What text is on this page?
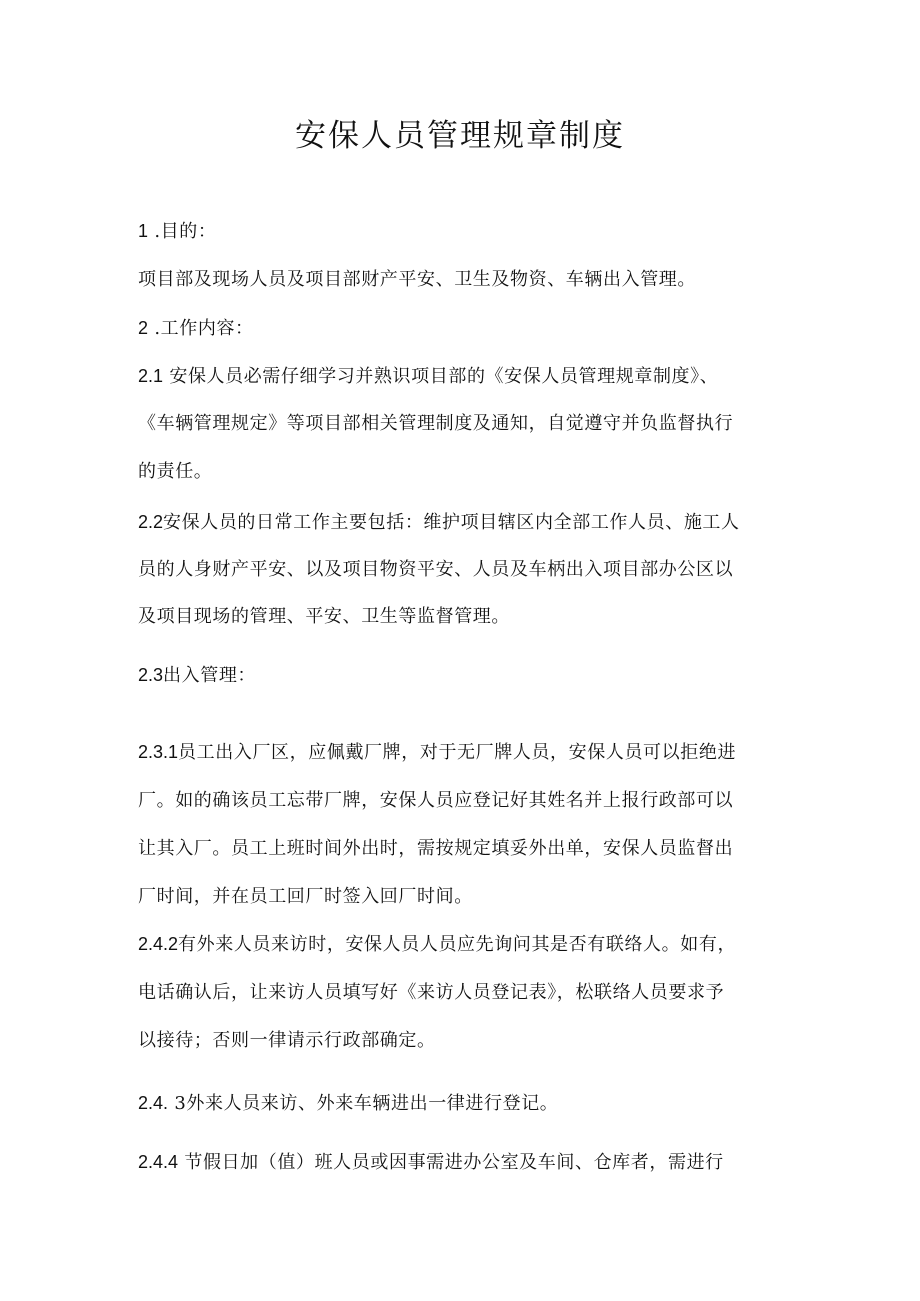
安保人员管理规章制度
1 .目的：
项目部及现场人员及项目部财产平安、卫生及物资、车辆出入管理。
2 .工作内容：
2.1 安保人员必需仔细学习并熟识项目部的《安保人员管理规章制度》、
《车辆管理规定》等项目部相关管理制度及通知，自觉遵守并负监督执行
的责任。
2.2安保人员的日常工作主要包括：维护项目辖区内全部工作人员、施工人
员的人身财产平安、以及项目物资平安、人员及车柄出入项目部办公区以
及项目现场的管理、平安、卫生等监督管理。
2.3出入管理：
2.3.1员工出入厂区，应佩戴厂牌，对于无厂牌人员，安保人员可以拒绝进
厂。如的确该员工忘带厂牌，安保人员应登记好其姓名并上报行政部可以
让其入厂。员工上班时间外出时，需按规定填妥外出单，安保人员监督出
厂时间，并在员工回厂时签入回厂时间。
2.4.2有外来人员来访时，安保人员人员应先询问其是否有联络人。如有，
电话确认后，让来访人员填写好《来访人员登记表》，松联络人员要求予
以接待；否则一律请示行政部确定。
2.4. 3外来人员来访、外来车辆进出一律进行登记。
2.4.4 节假日加（值）班人员或因事需进办公室及车间、仓库者，需进行
